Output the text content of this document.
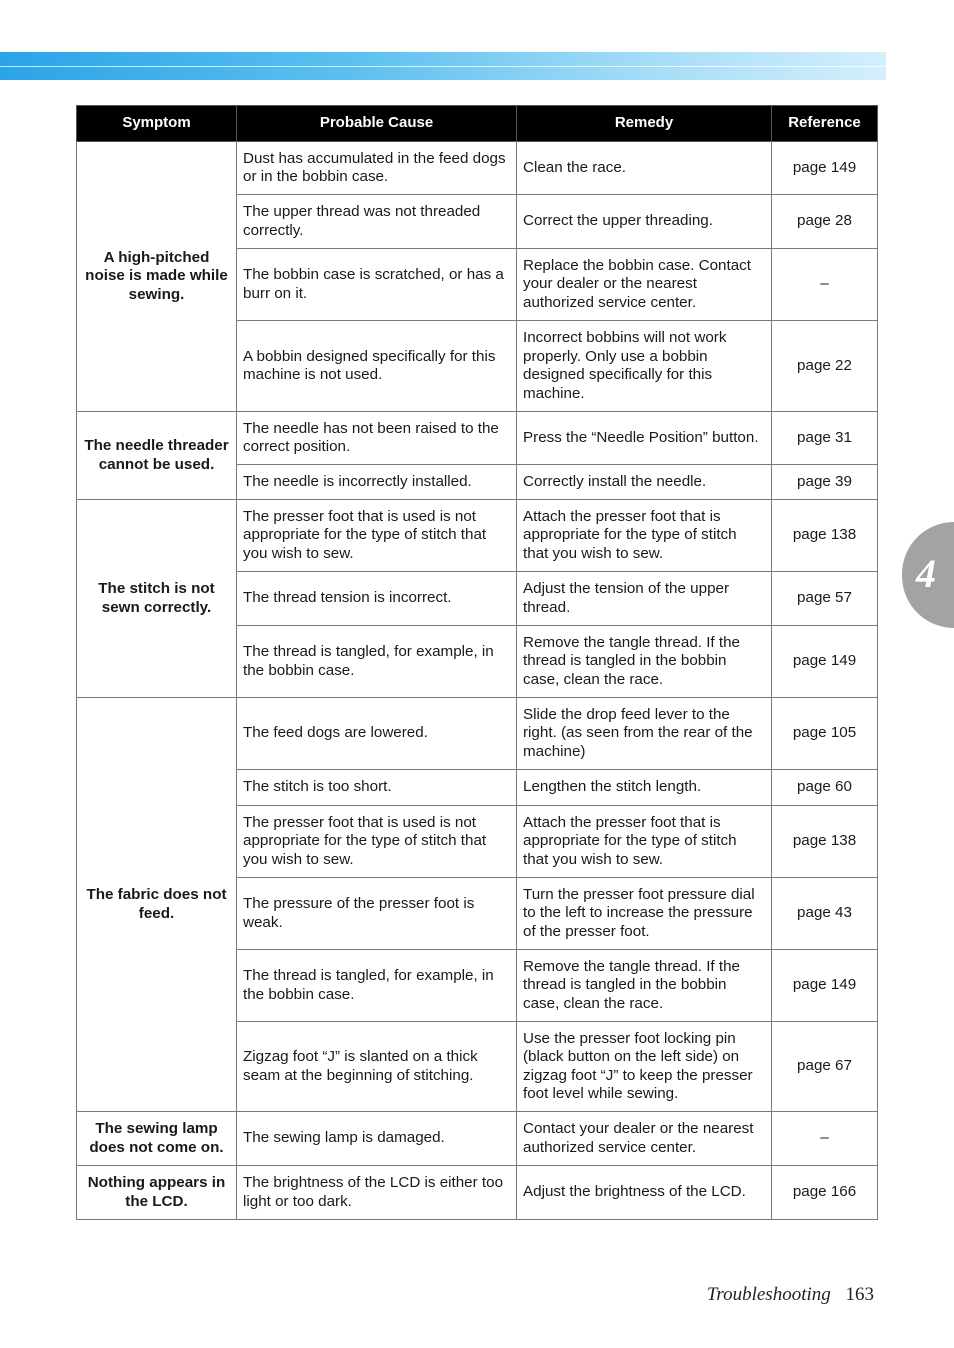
4
Symptom	Probable Cause	Remedy	Reference
A high-pitched noise is made while sewing.	Dust has accumulated in the feed dogs or in the bobbin case.	Clean the race.	page 149
	The upper thread was not threaded correctly.	Correct the upper threading.	page 28
	The bobbin case is scratched, or has a burr on it.	Replace the bobbin case. Contact your dealer or the nearest authorized service center.	–
	A bobbin designed specifically for this machine is not used.	Incorrect bobbins will not work properly. Only use a bobbin designed specifically for this machine.	page 22
The needle threader cannot be used.	The needle has not been raised to the correct position.	Press the “Needle Position” button.	page 31
	The needle is incorrectly installed.	Correctly install the needle.	page 39
The stitch is not sewn correctly.	The presser foot that is used is not appropriate for the type of stitch that you wish to sew.	Attach the presser foot that is appropriate for the type of stitch that you wish to sew.	page 138
	The thread tension is incorrect.	Adjust the tension of the upper thread.	page 57
	The thread is tangled, for example, in the bobbin case.	Remove the tangle thread. If the thread is tangled in the bobbin case, clean the race.	page 149
The fabric does not feed.	The feed dogs are lowered.	Slide the drop feed lever to the right. (as seen from the rear of the machine)	page 105
	The stitch is too short.	Lengthen the stitch length.	page 60
	The presser foot that is used is not appropriate for the type of stitch that you wish to sew.	Attach the presser foot that is appropriate for the type of stitch that you wish to sew.	page 138
	The pressure of the presser foot is weak.	Turn the presser foot pressure dial to the left to increase the pressure of the presser foot.	page 43
	The thread is tangled, for example, in the bobbin case.	Remove the tangle thread. If the thread is tangled in the bobbin case, clean the race.	page 149
	Zigzag foot “J” is slanted on a thick seam at the beginning of stitching.	Use the presser foot locking pin (black button on the left side) on zigzag foot “J” to keep the presser foot level while sewing.	page 67
The sewing lamp does not come on.	The sewing lamp is damaged.	Contact your dealer or the nearest authorized service center.	–
Nothing appears in the LCD.	The brightness of the LCD is either too light or too dark.	Adjust the brightness of the LCD.	page 166
Troubleshooting 163
